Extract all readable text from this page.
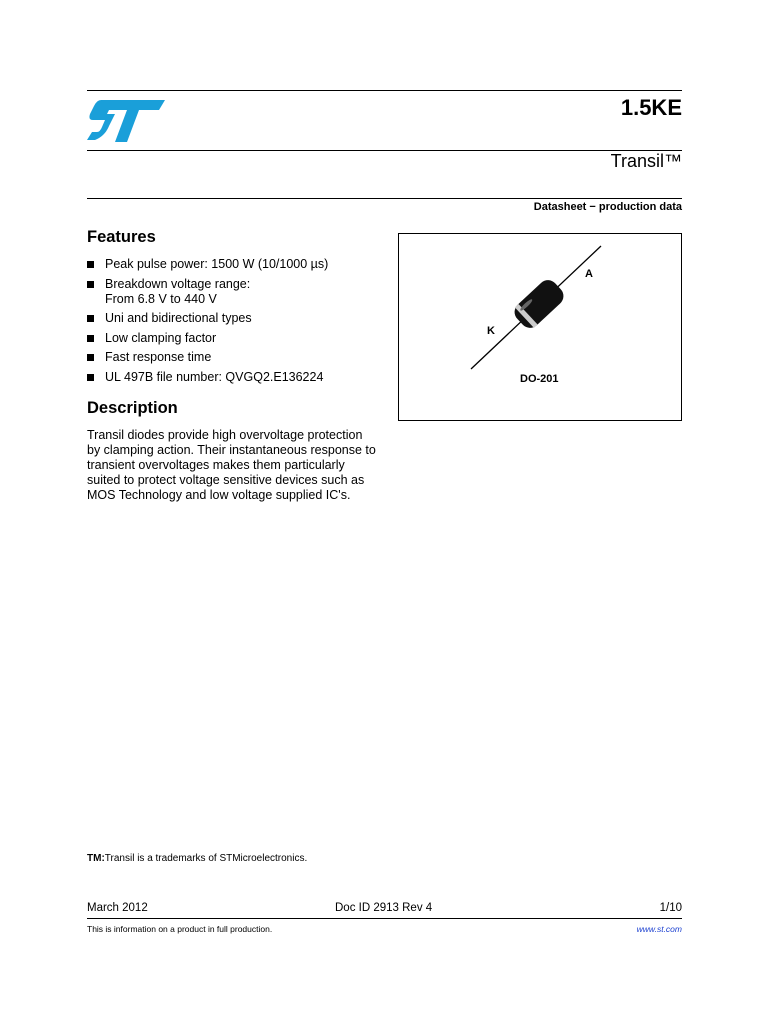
1.5KE
Transil™
Datasheet − production data
Features
Peak pulse power: 1500 W (10/1000 µs)
Breakdown voltage range:
From 6.8 V to 440 V
Uni and bidirectional types
Low clamping factor
Fast response time
UL 497B file number: QVGQ2.E136224
A
K
DO-201
Description
Transil diodes provide high overvoltage protection by clamping action. Their instantaneous response to transient overvoltages makes them particularly suited to protect voltage sensitive devices such as MOS Technology and low voltage supplied IC's.
TM:Transil is a trademarks of STMicroelectronics.
March 2012	Doc ID 2913 Rev 4	1/10
This is information on a product in full production.	www.st.com
